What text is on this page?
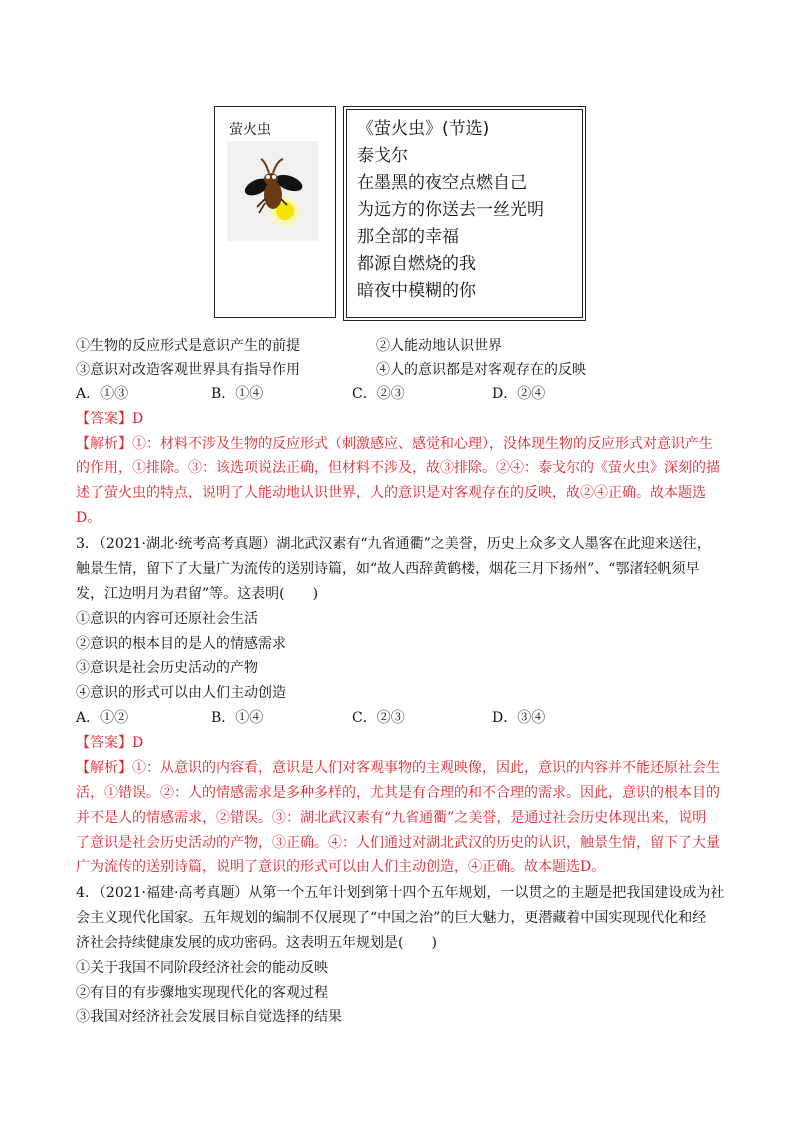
萤火虫	《萤火虫》(节选)
泰戈尔
在墨黑的夜空点燃自己
为远方的你送去一丝光明
那全部的幸福
都源自燃烧的我
暗夜中模糊的你
①生物的反应形式是意识产生的前提	②人能动地认识世界
③意识对改造客观世界具有指导作用	④人的意识都是对客观存在的反映
A．①③	B．①④	C．②③	D．②④
【答案】D
【解析】①：材料不涉及生物的反应形式（刺激感应、感觉和心理），没体现生物的反应形式对意识产生
的作用，①排除。③：该选项说法正确，但材料不涉及，故③排除。②④：泰戈尔的《萤火虫》深刻的描
述了萤火虫的特点，说明了人能动地认识世界，人的意识是对客观存在的反映，故②④正确。故本题选
D。
3．（2021·湖北·统考高考真题）湖北武汉素有“九省通衢”之美誉，历史上众多文人墨客在此迎来送往，
触景生情，留下了大量广为流传的送别诗篇，如“故人西辞黄鹤楼，烟花三月下扬州”、“鄂渚轻帆须早
发，江边明月为君留”等。这表明(　　)
①意识的内容可还原社会生活
②意识的根本目的是人的情感需求
③意识是社会历史活动的产物
④意识的形式可以由人们主动创造
A．①②	B．①④	C．②③	D．③④
【答案】D
【解析】①：从意识的内容看，意识是人们对客观事物的主观映像，因此，意识的内容并不能还原社会生
活，①错误。②：人的情感需求是多种多样的，尤其是有合理的和不合理的需求。因此，意识的根本目的
并不是人的情感需求，②错误。③：湖北武汉素有“九省通衢”之美誉，是通过社会历史体现出来，说明
了意识是社会历史活动的产物，③正确。④：人们通过对湖北武汉的历史的认识，触景生情，留下了大量
广为流传的送别诗篇，说明了意识的形式可以由人们主动创造，④正确。故本题选D。
4．（2021·福建·高考真题）从第一个五年计划到第十四个五年规划，一以贯之的主题是把我国建设成为社
会主义现代化国家。五年规划的编制不仅展现了“中国之治”的巨大魅力，更潜藏着中国实现现代化和经
济社会持续健康发展的成功密码。这表明五年规划是(　　)
①关于我国不同阶段经济社会的能动反映
②有目的有步骤地实现现代化的客观过程
③我国对经济社会发展目标自觉选择的结果
